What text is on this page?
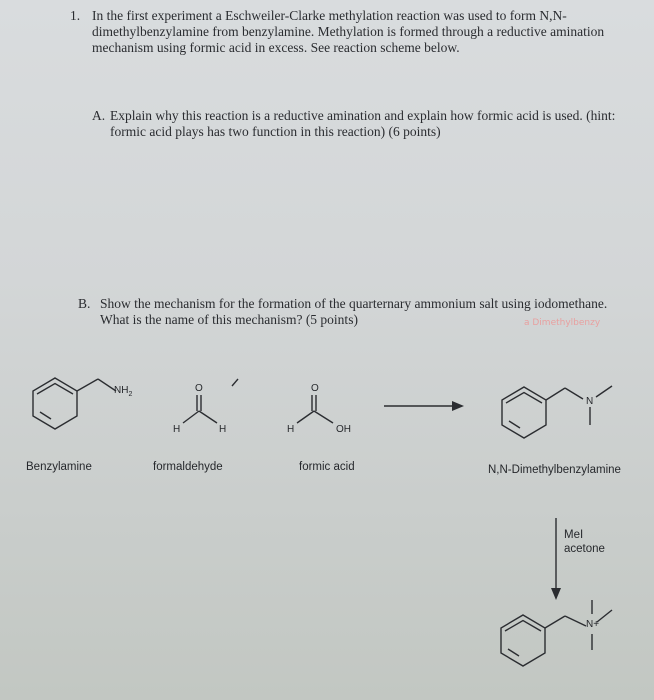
1. In the first experiment a Eschweiler-Clarke methylation reaction was used to form N,N-dimethylbenzylamine from benzylamine. Methylation is formed through a reductive amination mechanism using formic acid in excess. See reaction scheme below.
A. Explain why this reaction is a reductive amination and explain how formic acid is used. (hint: formic acid plays has two function in this reaction) (6 points)
B. Show the mechanism for the formation of the quarternary ammonium salt using iodomethane. What is the name of this mechanism? (5 points)	a Dimethylbenzy
$NH_2$
O
H	H
O
H	OH
N
N+
Benzylamine	formaldehyde	formic acid	N,N-Dimethylbenzylamine
MeI
acetone
